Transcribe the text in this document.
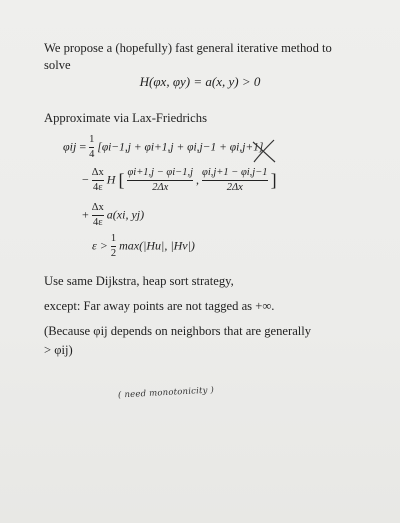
We propose a (hopefully) fast general iterative method to
solve
H(φx, φy) = a(x, y) > 0
Approximate via Lax-Friedrichs
$\varphi ij = \frac{1}{4} [\varphi i-1,j + \varphi i+1,j + \varphi i,j-1 + \varphi i,j+1]$
− $\frac{\Delta x}{4\varepsilon}$ H [ $\frac{\varphi i+1,j - \varphi i-1,j}{2\Delta x}$ , $\frac{\varphi i,j+1 - \varphi i,j-1}{2\Delta x}$ ]
+ $\frac{\Delta x}{4\varepsilon} a(xi$, yj)
$\varepsilon > \frac{1}{2} \max(|Hu|$, |Hv|)
Use same Dijkstra, heap sort strategy,
except: Far away points are not tagged as +∞.
(Because φij depends on neighbors that are generally
> φij)
( need monotonicity )
